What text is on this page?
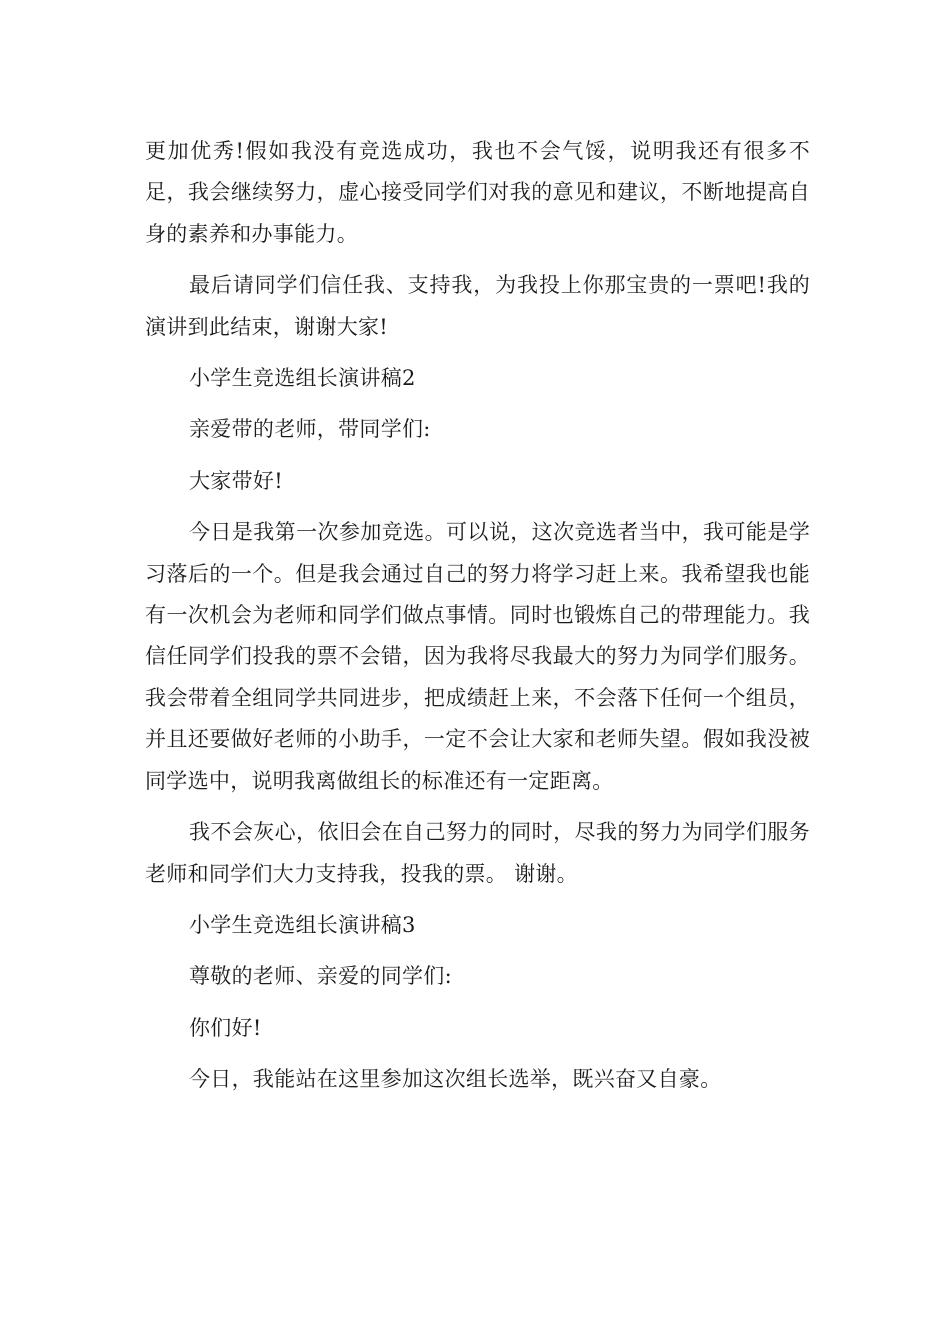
更加优秀!假如我没有竞选成功，我也不会气馁，说明我还有很多不足，我会继续努力，虚心接受同学们对我的意见和建议，不断地提高自身的素养和办事能力。

最后请同学们信任我、支持我，为我投上你那宝贵的一票吧!我的演讲到此结束，谢谢大家!

小学生竞选组长演讲稿2

亲爱带的老师，带同学们:

大家带好!

今日是我第一次参加竞选。可以说，这次竞选者当中，我可能是学习落后的一个。但是我会通过自己的努力将学习赶上来。我希望我也能有一次机会为老师和同学们做点事情。同时也锻炼自己的带理能力。我信任同学们投我的票不会错，因为我将尽我最大的努力为同学们服务。我会带着全组同学共同进步，把成绩赶上来，不会落下任何一个组员，并且还要做好老师的小助手，一定不会让大家和老师失望。假如我没被同学选中，说明我离做组长的标准还有一定距离。

我不会灰心，依旧会在自己努力的同时，尽我的努力为同学们服务老师和同学们大力支持我，投我的票。 谢谢。

小学生竞选组长演讲稿3

尊敬的老师、亲爱的同学们:

你们好!

今日，我能站在这里参加这次组长选举，既兴奋又自豪。
